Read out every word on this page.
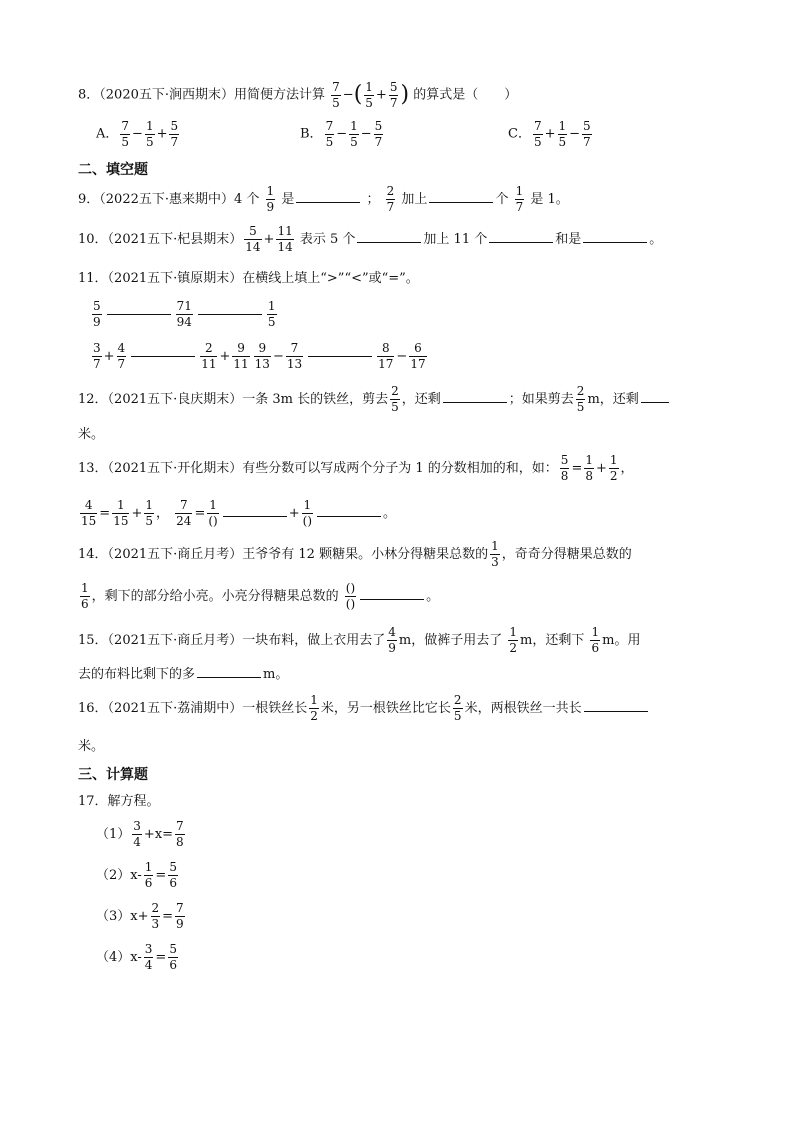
8．（2020五下·涧西期末）用简便方法计算 $\frac{7}{5}$ −( $\frac{1}{5} + \frac{5}{7}$ ) 的算式是（　　）
A． $\frac{7}{5} - \frac{1}{5} + \frac{5}{7}$	B． $\frac{7}{5} - \frac{1}{5} - \frac{5}{7}$	C． $\frac{7}{5} + \frac{1}{5} - \frac{5}{7}$
二、填空题
9．（2022五下·惠来期中）4 个 $\frac{1}{9}$ 是	； $\frac{2}{7}$ 加上	个 $\frac{1}{7}$ 是 1。
10．（2021五下·杞县期末） $\frac{5}{14} + \frac{11}{14}$ 表示 5 个	加上 11 个	和是	。
11．（2021五下·镇原期末）在横线上填上“>”“<”或“=”。
$\frac{5}{9}$	$\frac{71}{94}$	$\frac{1}{5}$
$\frac{3}{7} + \frac{4}{7}$	$\frac{2}{11} + \frac{9}{11} \frac{9}{13} - \frac{7}{13}$	$\frac{8}{17} - \frac{6}{17}$
12．（2021五下·良庆期末）一条 3m 长的铁丝，剪去 $\frac{2}{5}$ ，还剩	；如果剪去 $\frac{2}{5}$ m，还剩
米。
13．（2021五下·开化期末）有些分数可以写成两个分子为 1 的分数相加的和，如： $\frac{5}{8} = \frac{1}{8} + \frac{1}{2}$ ，
$\frac{4}{15} = \frac{1}{15} + \frac{1}{5}$ ， $\frac{7}{24} = \frac{1}{()}$	+ $\frac{1}{()}$	。
14．（2021五下·商丘月考）王爷爷有 12 颗糖果。小林分得糖果总数的 $\frac{1}{3}$ ，奇奇分得糖果总数的
$\frac{1}{6}$ ，剩下的部分给小亮。小亮分得糖果总数的 $\frac{()}{()}$	。
15．（2021五下·商丘月考）一块布料，做上衣用去了 $\frac{4}{9}$ m，做裤子用去了 $\frac{1}{2}$ m，还剩下 $\frac{1}{6}$ m。用
去的布料比剩下的多	m。
16．（2021五下·荔浦期中）一根铁丝长 $\frac{1}{2}$ 米，另一根铁丝比它长 $\frac{2}{5}$ 米，两根铁丝一共长
米。
三、计算题
17．解方程。
$(1) \frac{3}{4} +x= \frac{7}{8}$
$(2)x- \frac{1}{6} = \frac{5}{6}$
$(3)x+ \frac{2}{3} = \frac{7}{9}$
$(4)x- \frac{3}{4} = \frac{5}{6}$
